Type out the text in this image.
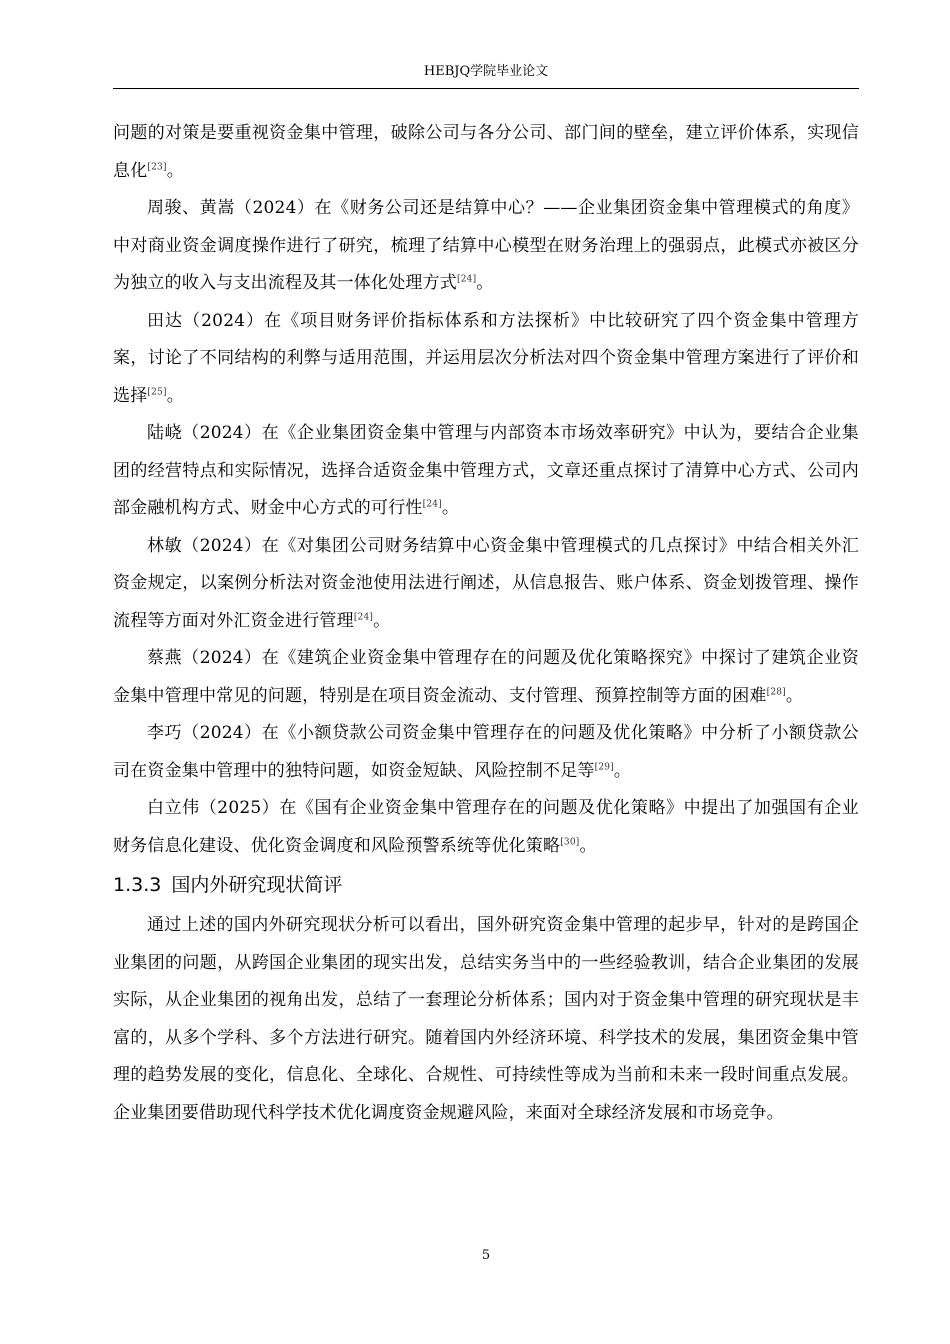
HEBJQ学院毕业论文

问题的对策是要重视资金集中管理，破除公司与各分公司、部门间的壁垒，建立评价体系，实现信息化[23]。

周骏、黄嵩（2024）在《财务公司还是结算中心？——企业集团资金集中管理模式的角度》中对商业资金调度操作进行了研究，梳理了结算中心模型在财务治理上的强弱点，此模式亦被区分为独立的收入与支出流程及其一体化处理方式[24]。

田达（2024）在《项目财务评价指标体系和方法探析》中比较研究了四个资金集中管理方案，讨论了不同结构的利弊与适用范围，并运用层次分析法对四个资金集中管理方案进行了评价和选择[25]。

陆峣（2024）在《企业集团资金集中管理与内部资本市场效率研究》中认为，要结合企业集团的经营特点和实际情况，选择合适资金集中管理方式，文章还重点探讨了清算中心方式、公司内部金融机构方式、财金中心方式的可行性[24]。

林敏（2024）在《对集团公司财务结算中心资金集中管理模式的几点探讨》中结合相关外汇资金规定，以案例分析法对资金池使用法进行阐述，从信息报告、账户体系、资金划拨管理、操作流程等方面对外汇资金进行管理[24]。

蔡燕（2024）在《建筑企业资金集中管理存在的问题及优化策略探究》中探讨了建筑企业资金集中管理中常见的问题，特别是在项目资金流动、支付管理、预算控制等方面的困难[28]。

李巧（2024）在《小额贷款公司资金集中管理存在的问题及优化策略》中分析了小额贷款公司在资金集中管理中的独特问题，如资金短缺、风险控制不足等[29]。

白立伟（2025）在《国有企业资金集中管理存在的问题及优化策略》中提出了加强国有企业财务信息化建设、优化资金调度和风险预警系统等优化策略[30]。

1.3.3 国内外研究现状简评

通过上述的国内外研究现状分析可以看出，国外研究资金集中管理的起步早，针对的是跨国企业集团的问题，从跨国企业集团的现实出发，总结实务当中的一些经验教训，结合企业集团的发展实际，从企业集团的视角出发，总结了一套理论分析体系；国内对于资金集中管理的研究现状是丰富的，从多个学科、多个方法进行研究。随着国内外经济环境、科学技术的发展，集团资金集中管理的趋势发展的变化，信息化、全球化、合规性、可持续性等成为当前和未来一段时间重点发展。企业集团要借助现代科学技术优化调度资金规避风险，来面对全球经济发展和市场竞争。

5
